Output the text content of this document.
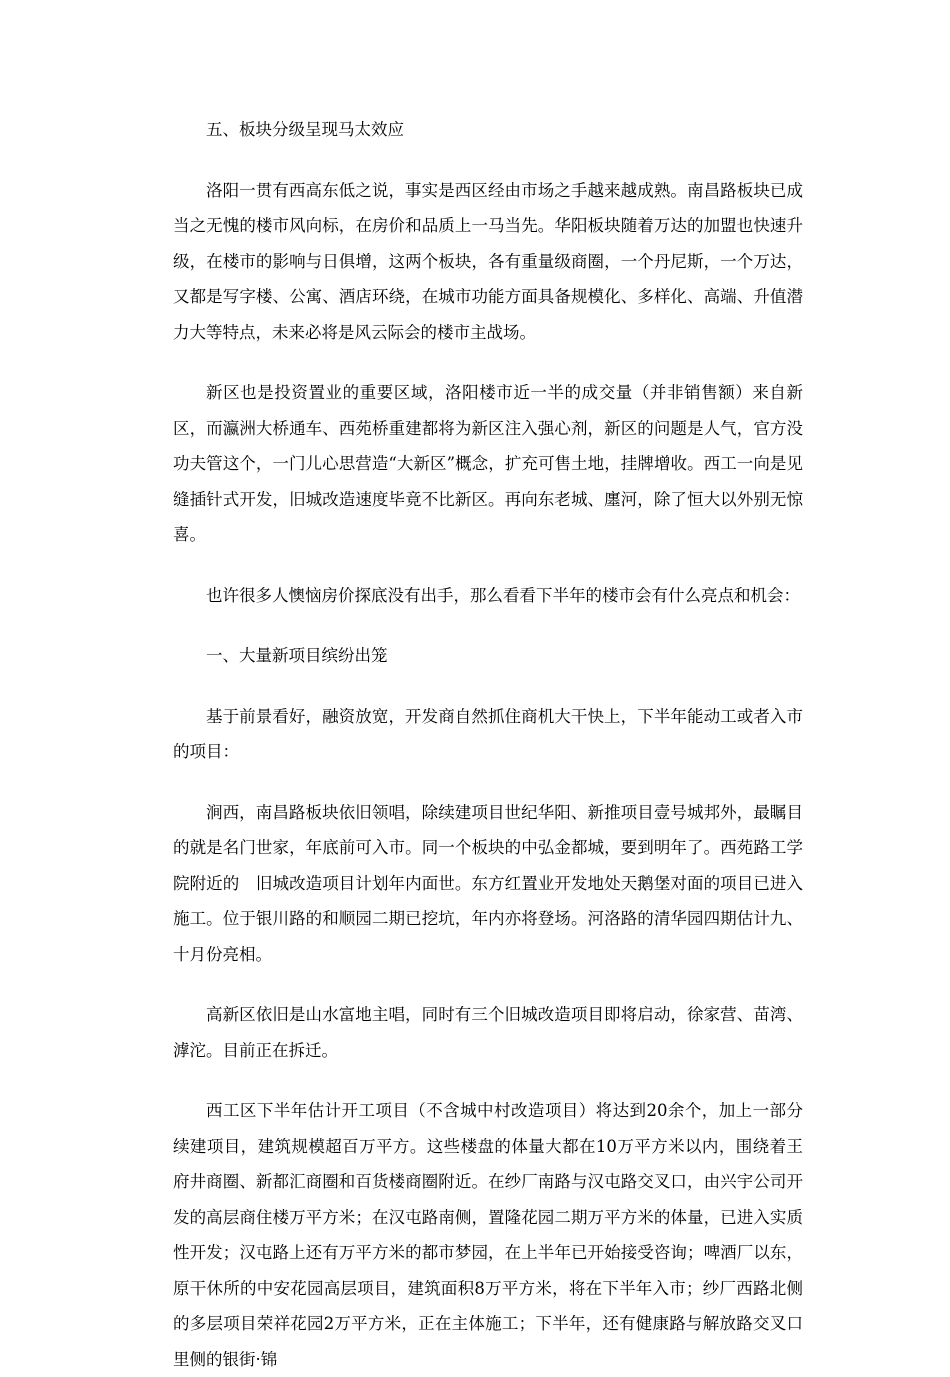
五、板块分级呈现马太效应

洛阳一贯有西高东低之说，事实是西区经由市场之手越来越成熟。南昌路板块已成当之无愧的楼市风向标，在房价和品质上一马当先。华阳板块随着万达的加盟也快速升级，在楼市的影响与日俱增，这两个板块，各有重量级商圈，一个丹尼斯，一个万达，又都是写字楼、公寓、酒店环绕，在城市功能方面具备规模化、多样化、高端、升值潜力大等特点，未来必将是风云际会的楼市主战场。

新区也是投资置业的重要区域，洛阳楼市近一半的成交量（并非销售额）来自新区，而瀛洲大桥通车、西苑桥重建都将为新区注入强心剂，新区的问题是人气，官方没功夫管这个，一门儿心思营造“大新区”概念，扩充可售土地，挂牌增收。西工一向是见缝插针式开发，旧城改造速度毕竟不比新区。再向东老城、廛河，除了恒大以外别无惊喜。

也许很多人懊恼房价探底没有出手，那么看看下半年的楼市会有什么亮点和机会：

一、大量新项目缤纷出笼

基于前景看好，融资放宽，开发商自然抓住商机大干快上，下半年能动工或者入市的项目：

涧西，南昌路板块依旧领唱，除续建项目世纪华阳、新推项目壹号城邦外，最瞩目的就是名门世家，年底前可入市。同一个板块的中弘金都城，要到明年了。西苑路工学院附近的　旧城改造项目计划年内面世。东方红置业开发地处天鹅堡对面的项目已进入施工。位于银川路的和顺园二期已挖坑，年内亦将登场。河洛路的清华园四期估计九、十月份亮相。

高新区依旧是山水富地主唱，同时有三个旧城改造项目即将启动，徐家营、苗湾、滹沱。目前正在拆迁。

西工区下半年估计开工项目（不含城中村改造项目）将达到20余个，加上一部分续建项目，建筑规模超百万平方。这些楼盘的体量大都在10万平方米以内，围绕着王府井商圈、新都汇商圈和百货楼商圈附近。在纱厂南路与汉屯路交叉口，由兴宇公司开发的高层商住楼万平方米；在汉屯路南侧，置隆花园二期万平方米的体量，已进入实质性开发；汉屯路上还有万平方米的都市梦园，在上半年已开始接受咨询；啤酒厂以东，原干休所的中安花园高层项目，建筑面积8万平方米，将在下半年入市；纱厂西路北侧的多层项目荣祥花园2万平方米，正在主体施工；下半年，还有健康路与解放路交叉口里侧的银街·锦
